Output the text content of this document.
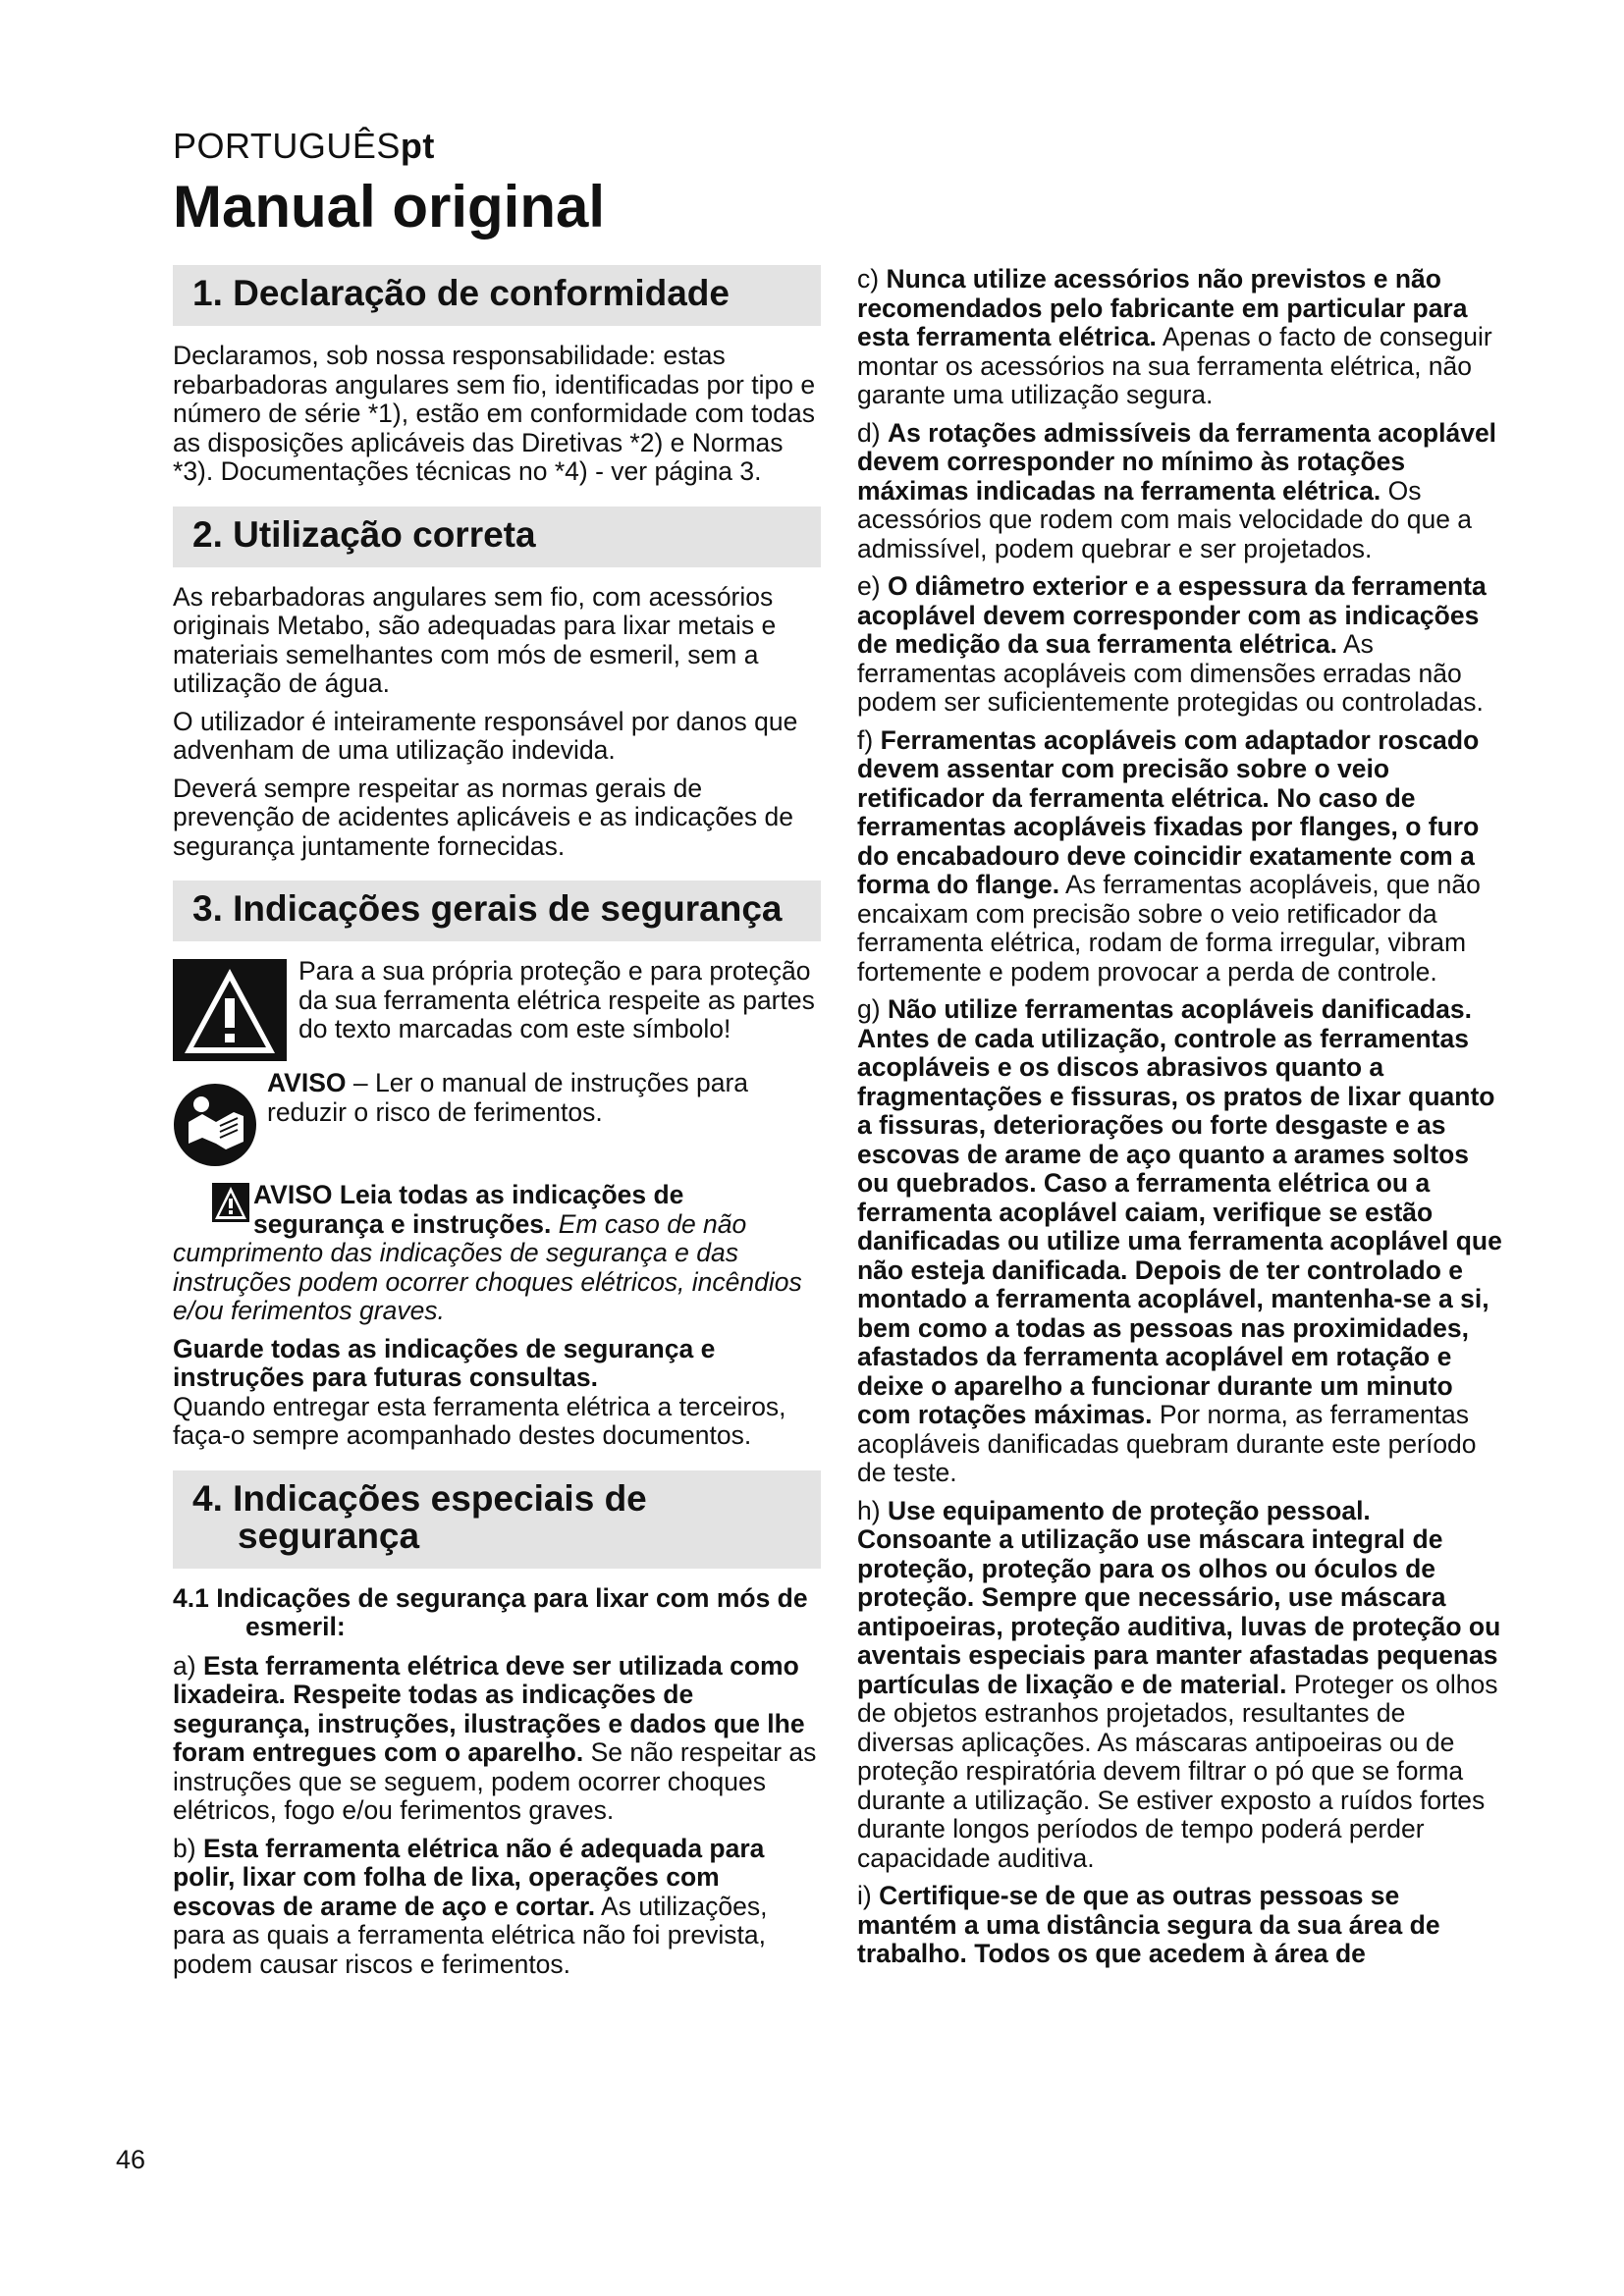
PORTUGUÊSpt
Manual original
1. Declaração de conformidade

Declaramos, sob nossa responsabilidade: estas rebarbadoras angulares sem fio, identificadas por tipo e número de série *1), estão em conformidade com todas as disposições aplicáveis das Diretivas *2) e Normas *3). Documentações técnicas no *4) - ver página 3.

2. Utilização correta

As rebarbadoras angulares sem fio, com acessórios originais Metabo, são adequadas para lixar metais e materiais semelhantes com mós de esmeril, sem a utilização de água.

O utilizador é inteiramente responsável por danos que advenham de uma utilização indevida.

Deverá sempre respeitar as normas gerais de prevenção de acidentes aplicáveis e as indicações de segurança juntamente fornecidas.

3. Indicações gerais de segurança
Para a sua própria proteção e para proteção da sua ferramenta elétrica respeite as partes do texto marcadas com este símbolo!
AVISO – Ler o manual de instruções para reduzir o risco de ferimentos.

AVISO Leia todas as indicações de segurança e instruções. Em caso de não cumprimento das indicações de segurança e das instruções podem ocorrer choques elétricos, incêndios e/ou ferimentos graves.

Guarde todas as indicações de segurança e instruções para futuras consultas.
Quando entregar esta ferramenta elétrica a terceiros, faça-o sempre acompanhado destes documentos.

4. Indicações especiais de segurança

4.1 Indicações de segurança para lixar com mós de esmeril:

a) Esta ferramenta elétrica deve ser utilizada como lixadeira. Respeite todas as indicações de segurança, instruções, ilustrações e dados que lhe foram entregues com o aparelho. Se não respeitar as instruções que se seguem, podem ocorrer choques elétricos, fogo e/ou ferimentos graves.

b) Esta ferramenta elétrica não é adequada para polir, lixar com folha de lixa, operações com escovas de arame de aço e cortar. As utilizações, para as quais a ferramenta elétrica não foi prevista, podem causar riscos e ferimentos.

c) Nunca utilize acessórios não previstos e não recomendados pelo fabricante em particular para esta ferramenta elétrica. Apenas o facto de conseguir montar os acessórios na sua ferramenta elétrica, não garante uma utilização segura.

d) As rotações admissíveis da ferramenta acoplável devem corresponder no mínimo às rotações máximas indicadas na ferramenta elétrica. Os acessórios que rodem com mais velocidade do que a admissível, podem quebrar e ser projetados.

e) O diâmetro exterior e a espessura da ferramenta acoplável devem corresponder com as indicações de medição da sua ferramenta elétrica. As ferramentas acopláveis com dimensões erradas não podem ser suficientemente protegidas ou controladas.

f) Ferramentas acopláveis com adaptador roscado devem assentar com precisão sobre o veio retificador da ferramenta elétrica. No caso de ferramentas acopláveis fixadas por flanges, o furo do encabadouro deve coincidir exatamente com a forma do flange. As ferramentas acopláveis, que não encaixam com precisão sobre o veio retificador da ferramenta elétrica, rodam de forma irregular, vibram fortemente e podem provocar a perda de controle.

g) Não utilize ferramentas acopláveis danificadas. Antes de cada utilização, controle as ferramentas acopláveis e os discos abrasivos quanto a fragmentações e fissuras, os pratos de lixar quanto a fissuras, deteriorações ou forte desgaste e as escovas de arame de aço quanto a arames soltos ou quebrados. Caso a ferramenta elétrica ou a ferramenta acoplável caiam, verifique se estão danificadas ou utilize uma ferramenta acoplável que não esteja danificada. Depois de ter controlado e montado a ferramenta acoplável, mantenha-se a si, bem como a todas as pessoas nas proximidades, afastados da ferramenta acoplável em rotação e deixe o aparelho a funcionar durante um minuto com rotações máximas. Por norma, as ferramentas acopláveis danificadas quebram durante este período de teste.

h) Use equipamento de proteção pessoal. Consoante a utilização use máscara integral de proteção, proteção para os olhos ou óculos de proteção. Sempre que necessário, use máscara antipoeiras, proteção auditiva, luvas de proteção ou aventais especiais para manter afastadas pequenas partículas de lixação e de material. Proteger os olhos de objetos estranhos projetados, resultantes de diversas aplicações. As máscaras antipoeiras ou de proteção respiratória devem filtrar o pó que se forma durante a utilização. Se estiver exposto a ruídos fortes durante longos períodos de tempo poderá perder capacidade auditiva.

i) Certifique-se de que as outras pessoas se mantém a uma distância segura da sua área de trabalho. Todos os que acedem à área de

46
